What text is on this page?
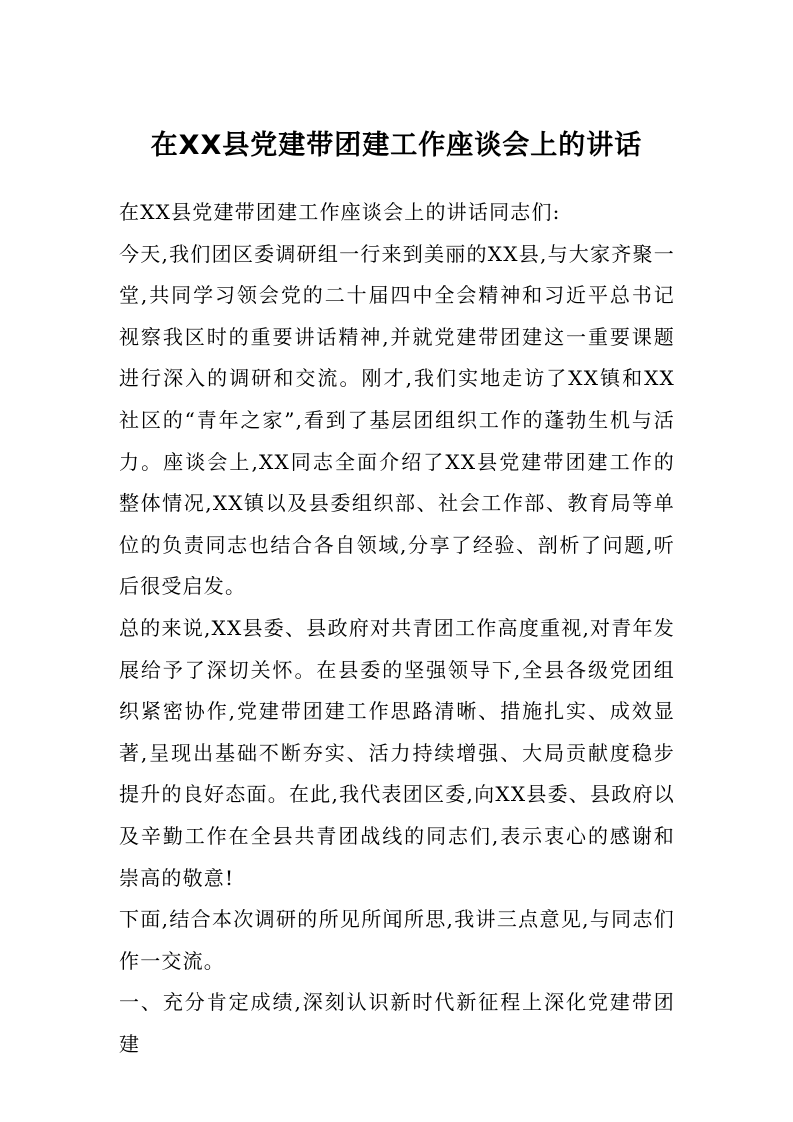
在XX县党建带团建工作座谈会上的讲话

在XX县党建带团建工作座谈会上的讲话同志们:

今天,我们团区委调研组一行来到美丽的XX县,与大家齐聚一堂,共同学习领会党的二十届四中全会精神和习近平总书记视察我区时的重要讲话精神,并就党建带团建这一重要课题进行深入的调研和交流。刚才,我们实地走访了XX镇和XX社区的“青年之家”,看到了基层团组织工作的蓬勃生机与活力。座谈会上,XX同志全面介绍了XX县党建带团建工作的整体情况,XX镇以及县委组织部、社会工作部、教育局等单位的负责同志也结合各自领域,分享了经验、剖析了问题,听后很受启发。

总的来说,XX县委、县政府对共青团工作高度重视,对青年发展给予了深切关怀。在县委的坚强领导下,全县各级党团组织紧密协作,党建带团建工作思路清晰、措施扎实、成效显著,呈现出基础不断夯实、活力持续增强、大局贡献度稳步提升的良好态面。在此,我代表团区委,向XX县委、县政府以及辛勤工作在全县共青团战线的同志们,表示衷心的感谢和崇高的敬意!

下面,结合本次调研的所见所闻所思,我讲三点意见,与同志们作一交流。

一、充分肯定成绩,深刻认识新时代新征程上深化党建带团建
